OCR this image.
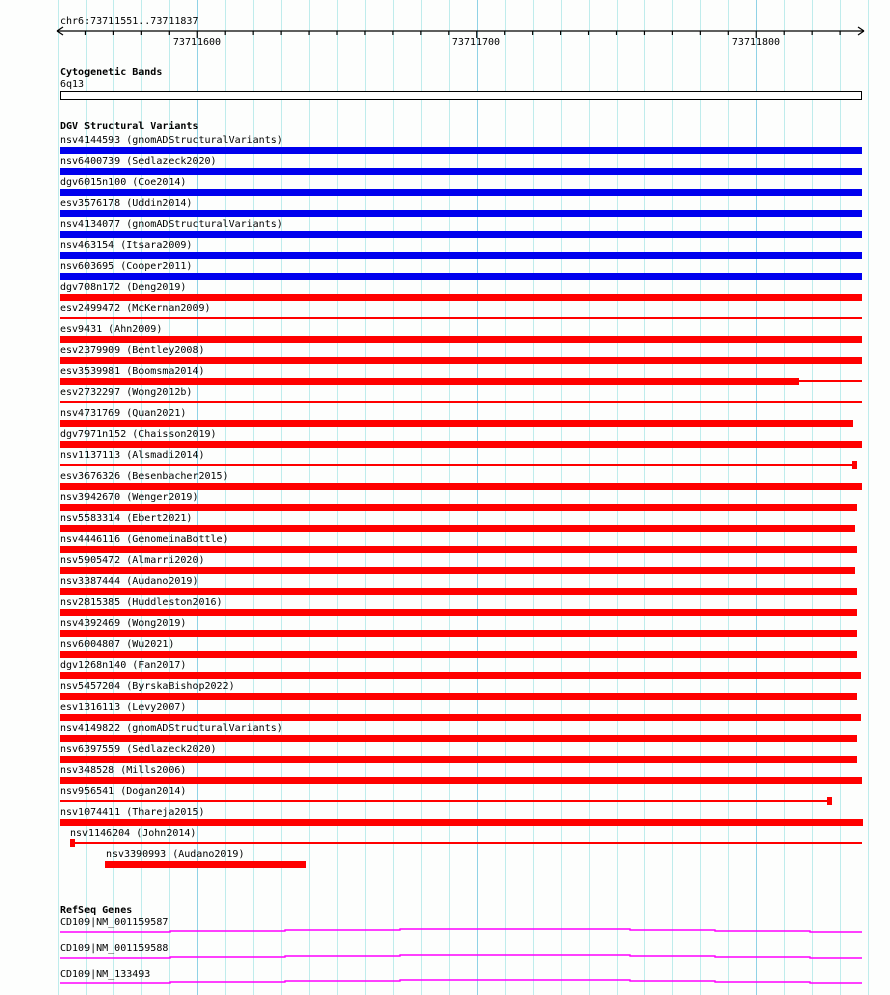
chr6:73711551..73711837
73711600	73711700	73711800
Cytogenetic Bands
6q13
DGV Structural Variants
nsv4144593 (gnomADStructuralVariants)
nsv6400739 (Sedlazeck2020)
dgv6015n100 (Coe2014)
esv3576178 (Uddin2014)
nsv4134077 (gnomADStructuralVariants)
nsv463154 (Itsara2009)
nsv603695 (Cooper2011)
dgv708n172 (Deng2019)
esv2499472 (McKernan2009)
esv9431 (Ahn2009)
esv2379909 (Bentley2008)
esv3539981 (Boomsma2014)
esv2732297 (Wong2012b)
nsv4731769 (Quan2021)
dgv7971n152 (Chaisson2019)
nsv1137113 (Alsmadi2014)
esv3676326 (Besenbacher2015)
nsv3942670 (Wenger2019)
nsv5583314 (Ebert2021)
nsv4446116 (GenomeinaBottle)
nsv5905472 (Almarri2020)
nsv3387444 (Audano2019)
nsv2815385 (Huddleston2016)
nsv4392469 (Wong2019)
nsv6004807 (Wu2021)
dgv1268n140 (Fan2017)
nsv5457204 (ByrskaBishop2022)
esv1316113 (Levy2007)
nsv4149822 (gnomADStructuralVariants)
nsv6397559 (Sedlazeck2020)
nsv348528 (Mills2006)
nsv956541 (Dogan2014)
nsv1074411 (Thareja2015)
nsv1146204 (John2014)
nsv3390993 (Audano2019)
RefSeq Genes
CD109|NM_001159587
CD109|NM_001159588
CD109|NM_133493
